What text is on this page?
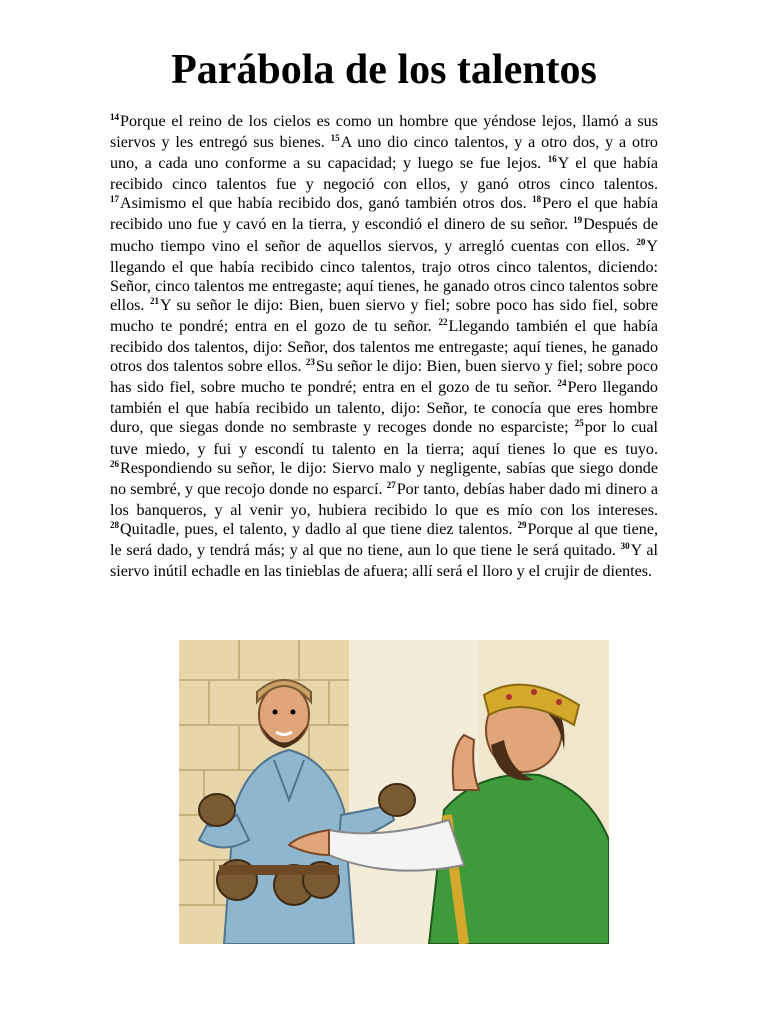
Parábola de los talentos

$^{14}$Porque el reino de los cielos es como un hombre que yéndose lejos, llamó a sus siervos y les entregó sus bienes. $^{15}$A uno dio cinco talentos, y a otro dos, y a otro uno, a cada uno conforme a su capacidad; y luego se fue lejos. $^{16}$Y el que había recibido cinco talentos fue y negoció con ellos, y ganó otros cinco talentos. $^{17}$Asimismo el que había recibido dos, ganó también otros dos. $^{18}$Pero el que había recibido uno fue y cavó en la tierra, y escondió el dinero de su señor. $^{19}$Después de mucho tiempo vino el señor de aquellos siervos, y arregló cuentas con ellos. $^{20}$Y llegando el que había recibido cinco talentos, trajo otros cinco talentos, diciendo: Señor, cinco talentos me entregaste; aquí tienes, he ganado otros cinco talentos sobre ellos. $^{21}$Y su señor le dijo: Bien, buen siervo y fiel; sobre poco has sido fiel, sobre mucho te pondré; entra en el gozo de tu señor. $^{22}$Llegando también el que había recibido dos talentos, dijo: Señor, dos talentos me entregaste; aquí tienes, he ganado otros dos talentos sobre ellos. $^{23}$Su señor le dijo: Bien, buen siervo y fiel; sobre poco has sido fiel, sobre mucho te pondré; entra en el gozo de tu señor. $^{24}$Pero llegando también el que había recibido un talento, dijo: Señor, te conocía que eres hombre duro, que siegas donde no sembraste y recoges donde no esparciste; $^{25}$por lo cual tuve miedo, y fui y escondí tu talento en la tierra; aquí tienes lo que es tuyo. $^{26}$Respondiendo su señor, le dijo: Siervo malo y negligente, sabías que siego donde no sembré, y que recojo donde no esparcí. $^{27}$Por tanto, debías haber dado mi dinero a los banqueros, y al venir yo, hubiera recibido lo que es mío con los intereses. $^{28}$Quitadle, pues, el talento, y dadlo al que tiene diez talentos. $^{29}$Porque al que tiene, le será dado, y tendrá más; y al que no tiene, aun lo que tiene le será quitado. $^{30}$Y al siervo inútil echadle en las tinieblas de afuera; allí será el lloro y el crujir de dientes.
